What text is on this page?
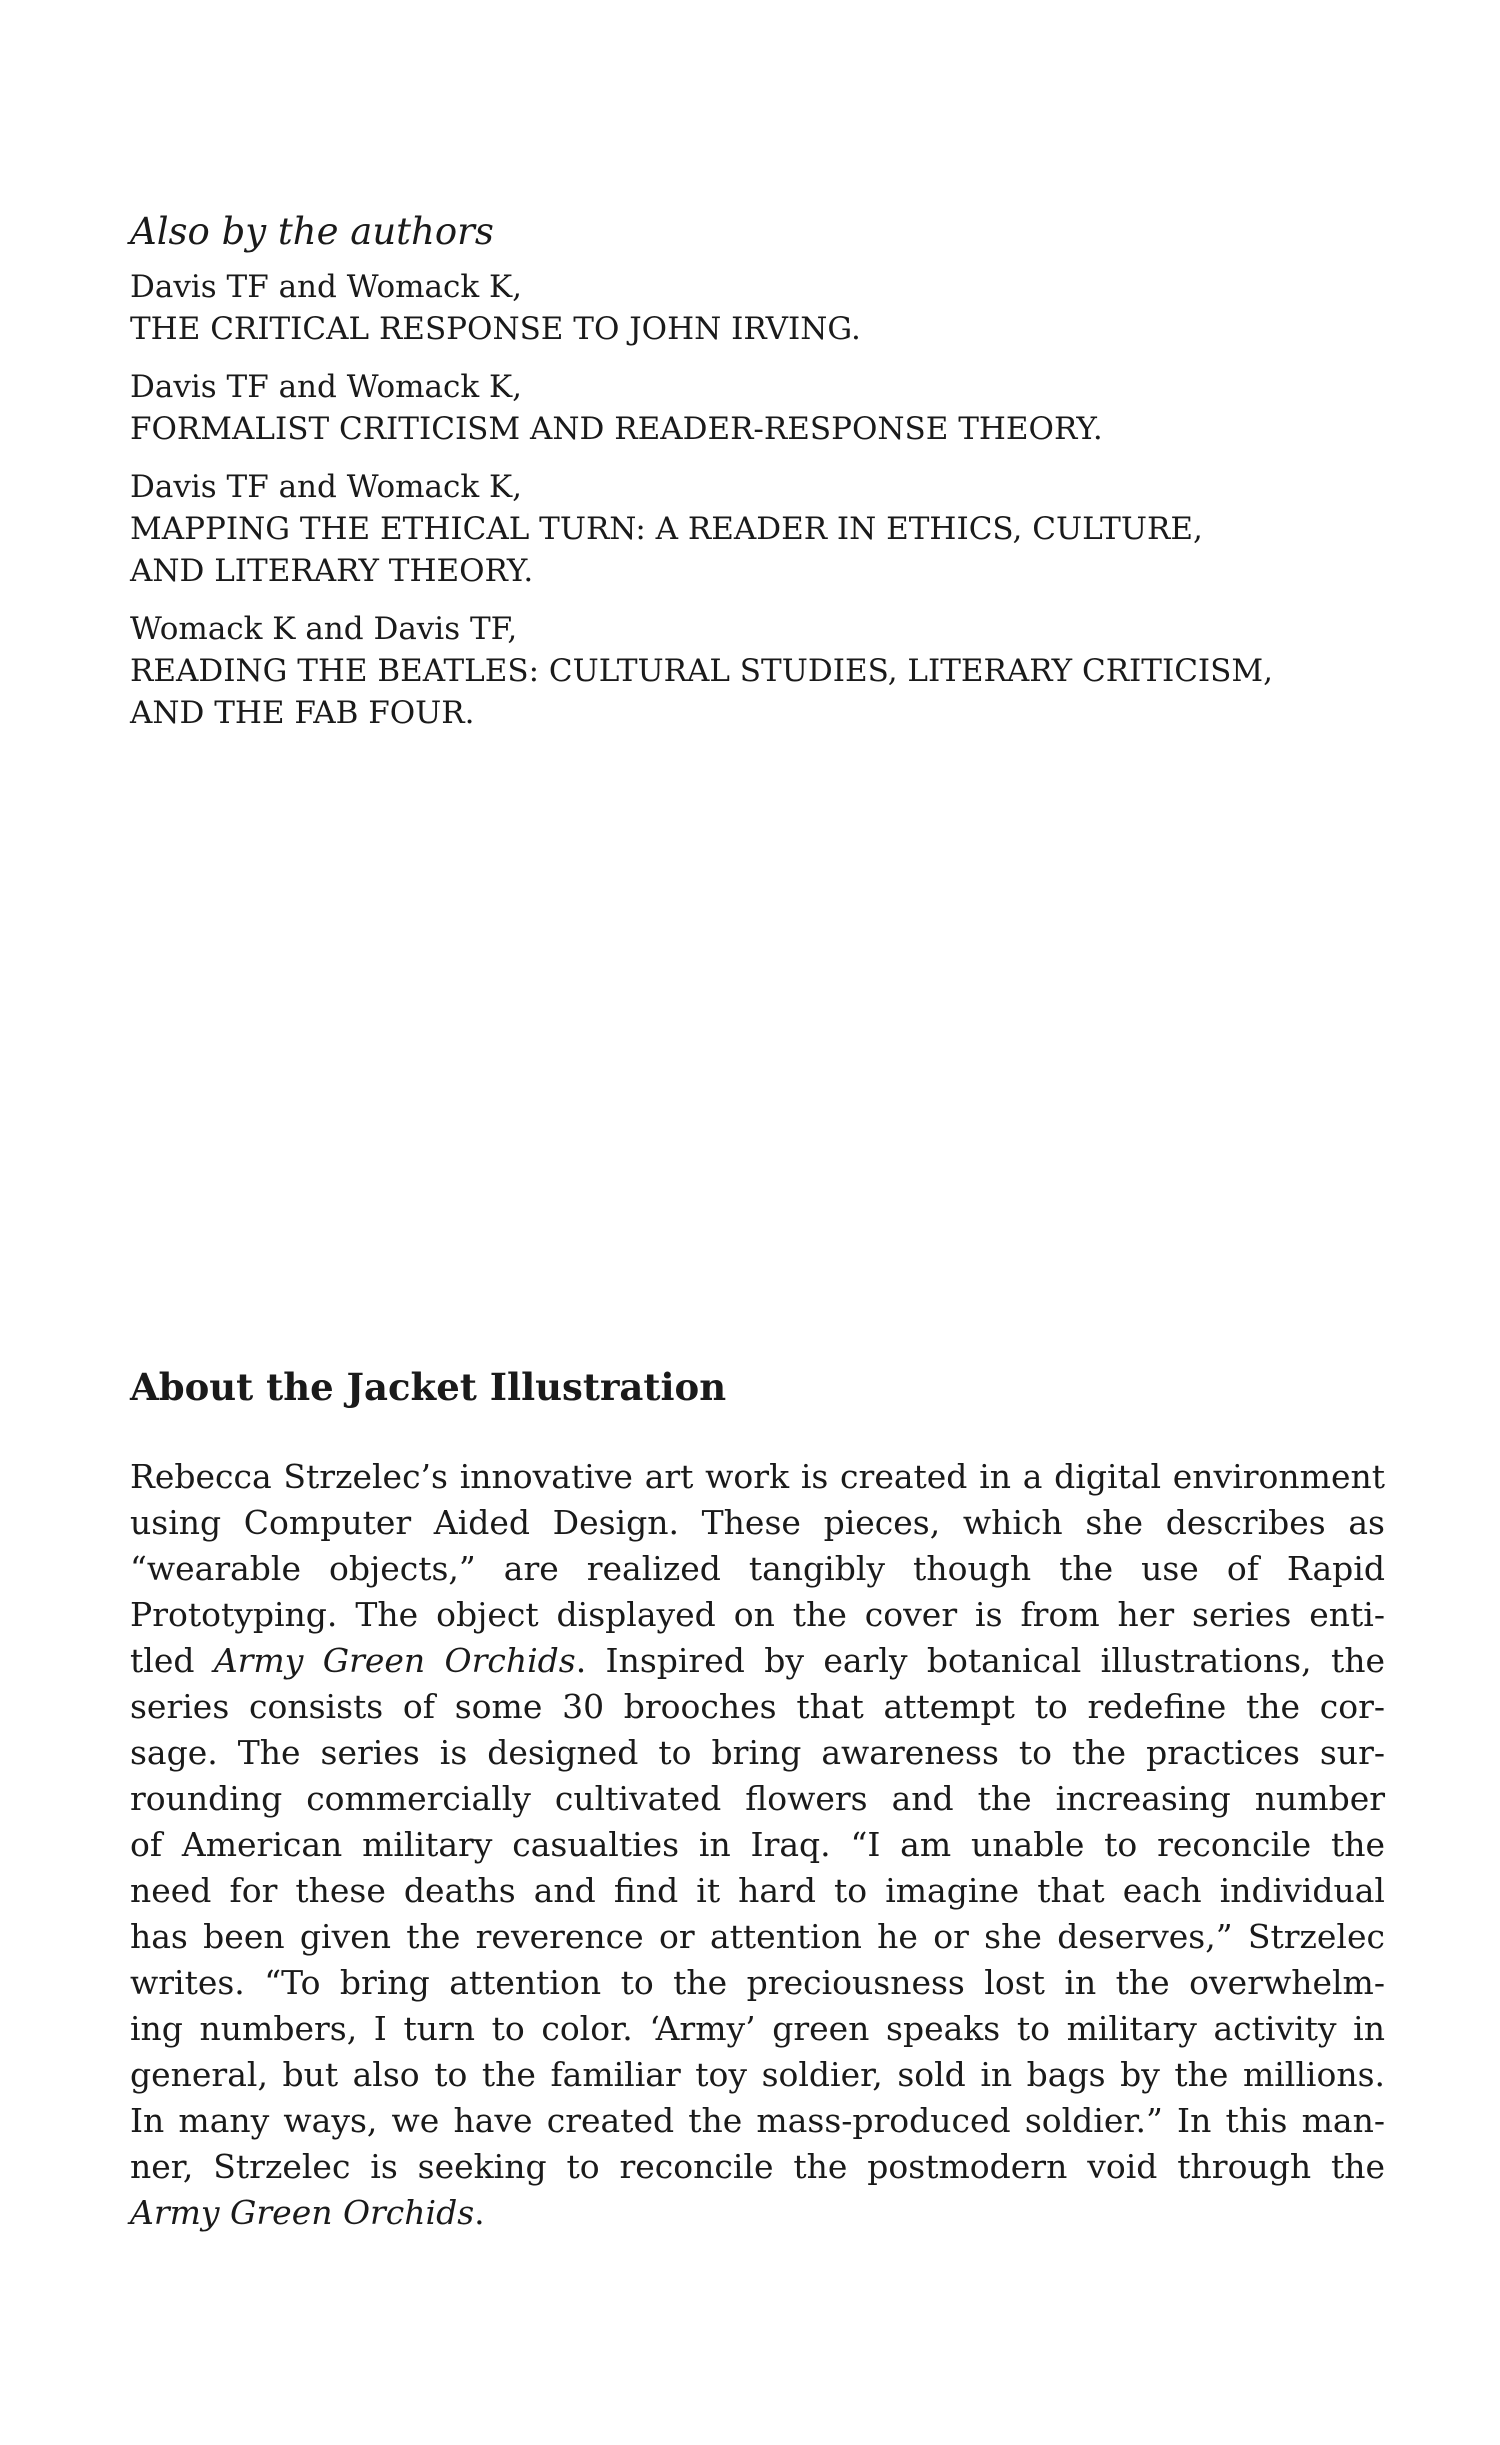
Also by the authors

Davis TF and Womack K,

THE CRITICAL RESPONSE TO JOHN IRVING.

Davis TF and Womack K,

FORMALIST CRITICISM AND READER-RESPONSE THEORY.

Davis TF and Womack K,

MAPPING THE ETHICAL TURN: A READER IN ETHICS, CULTURE,

AND LITERARY THEORY.

Womack K and Davis TF,

READING THE BEATLES: CULTURAL STUDIES, LITERARY CRITICISM,

AND THE FAB FOUR.

About the Jacket Illustration

Rebecca Strzelec’s innovative art work is created in a digital environment

using Computer Aided Design. These pieces, which she describes as

“wearable objects,” are realized tangibly though the use of Rapid

Prototyping. The object displayed on the cover is from her series enti-

tled Army Green Orchids. Inspired by early botanical illustrations, the

series consists of some 30 brooches that attempt to redefine the cor-

sage. The series is designed to bring awareness to the practices sur-

rounding commercially cultivated flowers and the increasing number

of American military casualties in Iraq. “I am unable to reconcile the

need for these deaths and find it hard to imagine that each individual

has been given the reverence or attention he or she deserves,” Strzelec

writes. “To bring attention to the preciousness lost in the overwhelm-

ing numbers, I turn to color. ‘Army’ green speaks to military activity in

general, but also to the familiar toy soldier, sold in bags by the millions.

In many ways, we have created the mass-produced soldier.” In this man-

ner, Strzelec is seeking to reconcile the postmodern void through the

Army Green Orchids.
